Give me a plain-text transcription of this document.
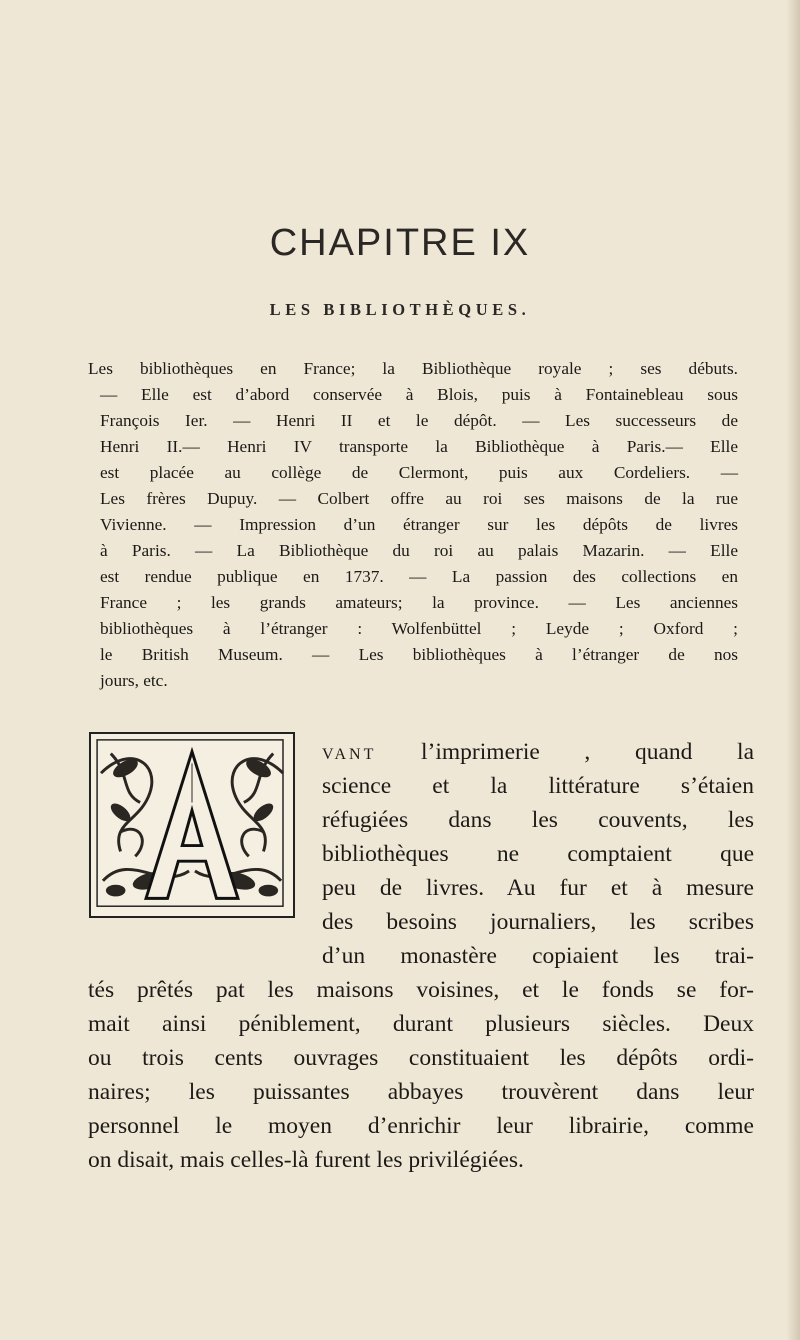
CHAPITRE IX
LES BIBLIOTHÈQUES.
Les bibliothèques en France; la Bibliothèque royale ; ses débuts.
— Elle est d’abord conservée à Blois, puis à Fontainebleau sous
François Ier. — Henri II et le dépôt. — Les successeurs de
Henri II.— Henri IV transporte la Bibliothèque à Paris.— Elle
est placée au collège de Clermont, puis aux Cordeliers. —
Les frères Dupuy. — Colbert offre au roi ses maisons de la rue
Vivienne. — Impression d’un étranger sur les dépôts de livres
à Paris. — La Bibliothèque du roi au palais Mazarin. — Elle
est rendue publique en 1737. — La passion des collections en
France ; les grands amateurs; la province. — Les anciennes
bibliothèques à l’étranger : Wolfenbüttel ; Leyde ; Oxford ;
le British Museum. — Les bibliothèques à l’étranger de nos
jours, etc.
VANT l’imprimerie , quand la
science et la littérature s’étaien
réfugiées dans les couvents, les
bibliothèques ne comptaient que
peu de livres. Au fur et à mesure
des besoins journaliers, les scribes
d’un monastère copiaient les trai-
tés prêtés pat les maisons voisines, et le fonds se for-
mait ainsi péniblement, durant plusieurs siècles. Deux
ou trois cents ouvrages constituaient les dépôts ordi-
naires; les puissantes abbayes trouvèrent dans leur
personnel le moyen d’enrichir leur librairie, comme
on disait, mais celles-là furent les privilégiées.
